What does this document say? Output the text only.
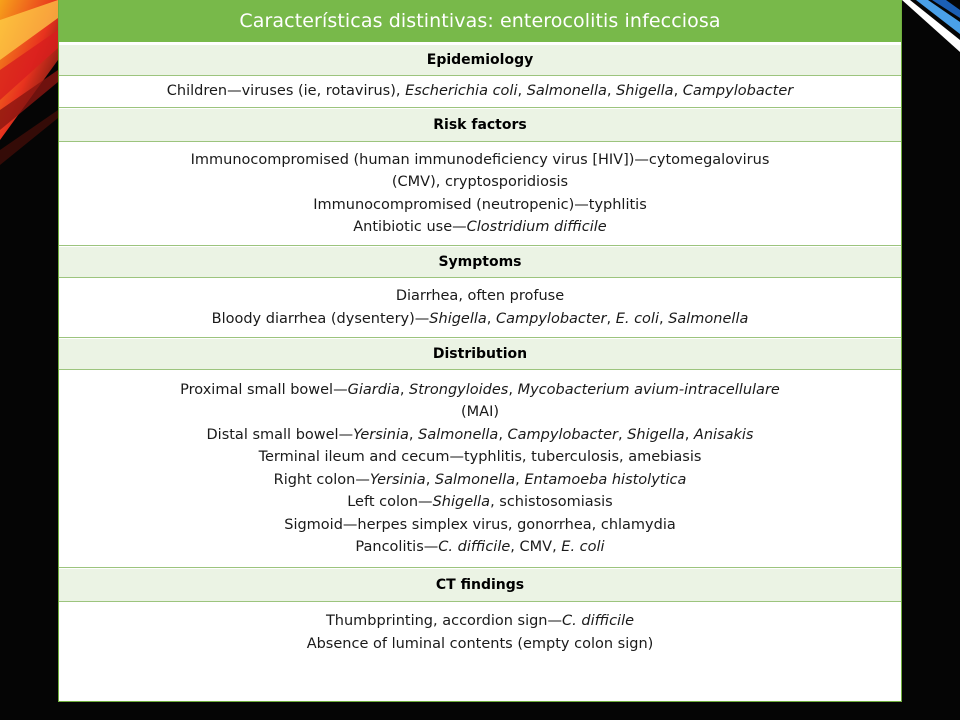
Características distintivas: enterocolitis infecciosa
Epidemiology
Children—viruses (ie, rotavirus), Escherichia coli, Salmonella, Shigella, Campylobacter
Risk factors
Immunocompromised (human immunodeficiency virus [HIV])—cytomegalovirus
(CMV), cryptosporidiosis
Immunocompromised (neutropenic)—typhlitis
Antibiotic use—Clostridium difficile
Symptoms
Diarrhea, often profuse
Bloody diarrhea (dysentery)—Shigella, Campylobacter, E. coli, Salmonella
Distribution
Proximal small bowel—Giardia, Strongyloides, Mycobacterium avium-intracellulare
(MAI)
Distal small bowel—Yersinia, Salmonella, Campylobacter, Shigella, Anisakis
Terminal ileum and cecum—typhlitis, tuberculosis, amebiasis
Right colon—Yersinia, Salmonella, Entamoeba histolytica
Left colon—Shigella, schistosomiasis
Sigmoid—herpes simplex virus, gonorrhea, chlamydia
Pancolitis—C. difficile, CMV, E. coli
CT findings
Thumbprinting, accordion sign—C. difficile
Absence of luminal contents (empty colon sign)
